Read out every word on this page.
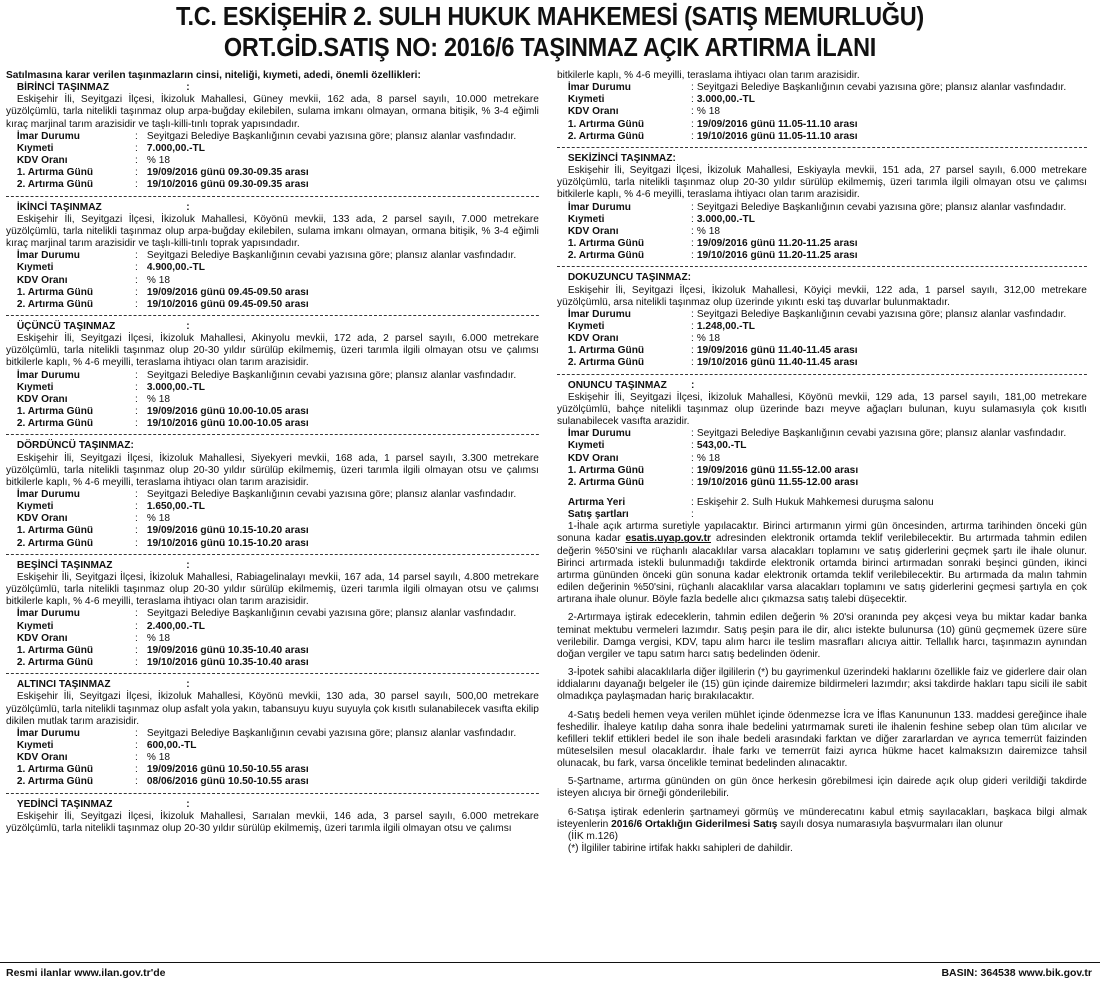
T.C. ESKİŞEHİR 2. SULH HUKUK MAHKEMESİ (SATIŞ MEMURLUĞU)
ORT.GİD.SATIŞ NO: 2016/6 TAŞINMAZ AÇIK ARTIRMA İLANI

Satılmasına karar verilen taşınmazların cinsi, niteliği, kıymeti, adedi, önemli özellikleri:

BİRİNCİ TAŞINMAZ	:

Eskişehir İli, Seyitgazi İlçesi, İkizoluk Mahallesi, Güney mevkii, 162 ada, 8 parsel sayılı, 10.000 metrekare yüzölçümlü, tarla nitelikli taşınmaz olup arpa-buğday ekilebilen, sulama imkanı olmayan, ormana bitişik, % 3-4 eğimli kıraç marjinal tarım arazisidir ve taşlı-killi-tınlı toprak yapısındadır.

İmar Durumu	: Seyitgazi Belediye Başkanlığının cevabi yazısına göre; plansız alanlar vasfındadır.
Kıymeti	: 7.000,00.-TL
KDV Oranı	: % 18
1. Artırma Günü	: 19/09/2016 günü 09.30-09.35 arası
2. Artırma Günü	: 19/10/2016 günü 09.30-09.35 arası
İKİNCİ TAŞINMAZ	:

Eskişehir İli, Seyitgazi İlçesi, İkizoluk Mahallesi, Köyönü mevkii, 133 ada, 2 parsel sayılı, 7.000 metrekare yüzölçümlü, tarla nitelikli taşınmaz olup arpa-buğday ekilebilen, sulama imkanı olmayan, ormana bitişik, % 3-4 eğimli kıraç marjinal tarım arazisidir ve taşlı-killi-tınlı toprak yapısındadır.

İmar Durumu	: Seyitgazi Belediye Başkanlığının cevabi yazısına göre; plansız alanlar vasfındadır.
Kıymeti	: 4.900,00.-TL
KDV Oranı	: % 18
1. Artırma Günü	: 19/09/2016 günü 09.45-09.50 arası
2. Artırma Günü	: 19/10/2016 günü 09.45-09.50 arası
ÜÇÜNCÜ TAŞINMAZ	:

Eskişehir İli, Seyitgazi İlçesi, İkizoluk Mahallesi, Akinyolu mevkii, 172 ada, 2 parsel sayılı, 6.000 metrekare yüzölçümlü, tarla nitelikli taşınmaz olup 20-30 yıldır sürülüp ekilmemiş, üzeri tarımla ilgili olmayan otsu ve çalımsı bitkilerle kaplı, % 4-6 meyilli, teraslama ihtiyacı olan tarım arazisidir.

İmar Durumu	: Seyitgazi Belediye Başkanlığının cevabi yazısına göre; plansız alanlar vasfındadır.
Kıymeti	: 3.000,00.-TL
KDV Oranı	: % 18
1. Artırma Günü	: 19/09/2016 günü 10.00-10.05 arası
2. Artırma Günü	: 19/10/2016 günü 10.00-10.05 arası
DÖRDÜNCÜ TAŞINMAZ:

Eskişehir İli, Seyitgazi İlçesi, İkizoluk Mahallesi, Siyekyeri mevkii, 168 ada, 1 parsel sayılı, 3.300 metrekare yüzölçümlü, tarla nitelikli taşınmaz olup 20-30 yıldır sürülüp ekilmemiş, üzeri tarımla ilgili olmayan otsu ve çalımsı bitkilerle kaplı, % 4-6 meyilli, teraslama ihtiyacı olan tarım arazisidir.

İmar Durumu	: Seyitgazi Belediye Başkanlığının cevabi yazısına göre; plansız alanlar vasfındadır.
Kıymeti	: 1.650,00.-TL
KDV Oranı	: % 18
1. Artırma Günü	: 19/09/2016 günü 10.15-10.20 arası
2. Artırma Günü	: 19/10/2016 günü 10.15-10.20 arası
BEŞİNCİ TAŞINMAZ	:

Eskişehir İli, Seyitgazi İlçesi, İkizoluk Mahallesi, Rabiagelinalayı mevkii, 167 ada, 14 parsel sayılı, 4.800 metrekare yüzölçümlü, tarla nitelikli taşınmaz olup 20-30 yıldır sürülüp ekilmemiş, üzeri tarımla ilgili olmayan otsu ve çalımsı bitkilerle kaplı, % 4-6 meyilli, teraslama ihtiyacı olan tarım arazisidir.

İmar Durumu	: Seyitgazi Belediye Başkanlığının cevabi yazısına göre; plansız alanlar vasfındadır.
Kıymeti	: 2.400,00.-TL
KDV Oranı	: % 18
1. Artırma Günü	: 19/09/2016 günü 10.35-10.40 arası
2. Artırma Günü	: 19/10/2016 günü 10.35-10.40 arası
ALTINCI TAŞINMAZ	:

Eskişehir İli, Seyitgazi İlçesi, İkizoluk Mahallesi, Köyönü mevkii, 130 ada, 30 parsel sayılı, 500,00 metrekare yüzölçümlü, tarla nitelikli taşınmaz olup asfalt yola yakın, tabansuyu kuyu suyuyla çok kısıtlı sulanabilecek vasıfta ekilip dikilen mutlak tarım arazisidir.

İmar Durumu	: Seyitgazi Belediye Başkanlığının cevabi yazısına göre; plansız alanlar vasfındadır.
Kıymeti	: 600,00.-TL
KDV Oranı	: % 18
1. Artırma Günü	: 19/09/2016 günü 10.50-10.55 arası
2. Artırma Günü	: 08/06/2016 günü 10.50-10.55 arası
YEDİNCİ TAŞINMAZ	:

Eskişehir İli, Seyitgazi İlçesi, İkizoluk Mahallesi, Sarıalan mevkii, 146 ada, 3 parsel sayılı, 6.000 metrekare yüzölçümlü, tarla nitelikli taşınmaz olup 20-30 yıldır sürülüp ekilmemiş, üzeri tarımla ilgili olmayan otsu ve çalımsı

bitkilerle kaplı, % 4-6 meyilli, teraslama ihtiyacı olan tarım arazisidir.

İmar Durumu	: Seyitgazi Belediye Başkanlığının cevabi yazısına göre; plansız alanlar vasfındadır.
Kıymeti	: 3.000,00.-TL
KDV Oranı	: % 18
1. Artırma Günü	: 19/09/2016 günü 11.05-11.10 arası
2. Artırma Günü	: 19/10/2016 günü 11.05-11.10 arası
SEKİZİNCİ TAŞINMAZ:

Eskişehir İli, Seyitgazi İlçesi, İkizoluk Mahallesi, Eskiyayla mevkii, 151 ada, 27 parsel sayılı, 6.000 metrekare yüzölçümlü, tarla nitelikli taşınmaz olup 20-30 yıldır sürülüp ekilmemiş, üzeri tarımla ilgili olmayan otsu ve çalımsı bitkilerle kaplı, % 4-6 meyilli, teraslama ihtiyacı olan tarım arazisidir.

İmar Durumu	: Seyitgazi Belediye Başkanlığının cevabi yazısına göre; plansız alanlar vasfındadır.
Kıymeti	: 3.000,00.-TL
KDV Oranı	: % 18
1. Artırma Günü	: 19/09/2016 günü 11.20-11.25 arası
2. Artırma Günü	: 19/10/2016 günü 11.20-11.25 arası
DOKUZUNCU TAŞINMAZ:

Eskişehir İli, Seyitgazi İlçesi, İkizoluk Mahallesi, Köyiçi mevkii, 122 ada, 1 parsel sayılı, 312,00 metrekare yüzölçümlü, arsa nitelikli taşınmaz olup üzerinde yıkıntı eski taş duvarlar bulunmaktadır.

İmar Durumu	: Seyitgazi Belediye Başkanlığının cevabi yazısına göre; plansız alanlar vasfındadır.
Kıymeti	: 1.248,00.-TL
KDV Oranı	: % 18
1. Artırma Günü	: 19/09/2016 günü 11.40-11.45 arası
2. Artırma Günü	: 19/10/2016 günü 11.40-11.45 arası
ONUNCU TAŞINMAZ	:

Eskişehir İli, Seyitgazi İlçesi, İkizoluk Mahallesi, Köyönü mevkii, 129 ada, 13 parsel sayılı, 181,00 metrekare yüzölçümlü, bahçe nitelikli taşınmaz olup üzerinde bazı meyve ağaçları bulunan, kuyu sulamasıyla çok kısıtlı sulanabilecek vasıfta arazidir.

İmar Durumu	: Seyitgazi Belediye Başkanlığının cevabi yazısına göre; plansız alanlar vasfındadır.
Kıymeti	: 543,00.-TL
KDV Oranı	: % 18
1. Artırma Günü	: 19/09/2016 günü 11.55-12.00 arası
2. Artırma Günü	: 19/10/2016 günü 11.55-12.00 arası
Artırma Yeri	: Eskişehir 2. Sulh Hukuk Mahkemesi duruşma salonu
Satış şartları	:

1-İhale açık artırma suretiyle yapılacaktır. Birinci artırmanın yirmi gün öncesinden, artırma tarihinden önceki gün sonuna kadar esatis.uyap.gov.tr adresinden elektronik ortamda teklif verilebilecektir. Bu artırmada tahmin edilen değerin %50'sini ve rüçhanlı alacaklılar varsa alacakları toplamını ve satış giderlerini geçmek şartı ile ihale olunur. Birinci artırmada istekli bulunmadığı takdirde elektronik ortamda birinci artırmadan sonraki beşinci günden, ikinci artırma gününden önceki gün sonuna kadar elektronik ortamda teklif verilebilecektir. Bu artırmada da malın tahmin edilen değerinin %50'sini, rüçhanlı alacaklılar varsa alacakları toplamını ve satış giderlerini geçmesi şartıyla en çok artırana ihale olunur. Böyle fazla bedelle alıcı çıkmazsa satış talebi düşecektir.

2-Artırmaya iştirak edeceklerin, tahmin edilen değerin % 20'si oranında pey akçesi veya bu miktar kadar banka teminat mektubu vermeleri lazımdır. Satış peşin para ile dir, alıcı istekte bulunursa (10) günü geçmemek üzere süre verilebilir. Damga vergisi, KDV, tapu alım harcı ile teslim masrafları alıcıya aittir. Tellallık harcı, taşınmazın aynından doğan vergiler ve tapu satım harcı satış bedelinden ödenir.

3-İpotek sahibi alacaklılarla diğer ilgililerin (*) bu gayrimenkul üzerindeki haklarını özellikle faiz ve giderlere dair olan iddialarını dayanağı belgeler ile (15) gün içinde dairemize bildirmeleri lazımdır; aksi takdirde hakları tapu sicili ile sabit olmadıkça paylaşmadan hariç bırakılacaktır.

4-Satış bedeli hemen veya verilen mühlet içinde ödenmezse İcra ve İflas Kanununun 133. maddesi gereğince ihale feshedilir. İhaleye katılıp daha sonra ihale bedelini yatırmamak sureti ile ihalenin feshine sebep olan tüm alıcılar ve kefilleri teklif ettikleri bedel ile son ihale bedeli arasındaki farktan ve diğer zararlardan ve ayrıca temerrüt faizinden müteselsilen mesul olacaklardır. İhale farkı ve temerrüt faizi ayrıca hükme hacet kalmaksızın dairemizce tahsil olunacak, bu fark, varsa öncelikle teminat bedelinden alınacaktır.

5-Şartname, artırma gününden on gün önce herkesin görebilmesi için dairede açık olup gideri verildiği takdirde isteyen alıcıya bir örneği gönderilebilir.

6-Satışa iştirak edenlerin şartnameyi görmüş ve münderecatını kabul etmiş sayılacakları, başkaca bilgi almak isteyenlerin 2016/6 Ortaklığın Giderilmesi Satış sayılı dosya numarasıyla başvurmaları ilan olunur

(İİK m.126)

(*) İlgililer tabirine irtifak hakkı sahipleri de dahildir.

Resmi ilanlar www.ilan.gov.tr'de	BASIN: 364538 www.bik.gov.tr
